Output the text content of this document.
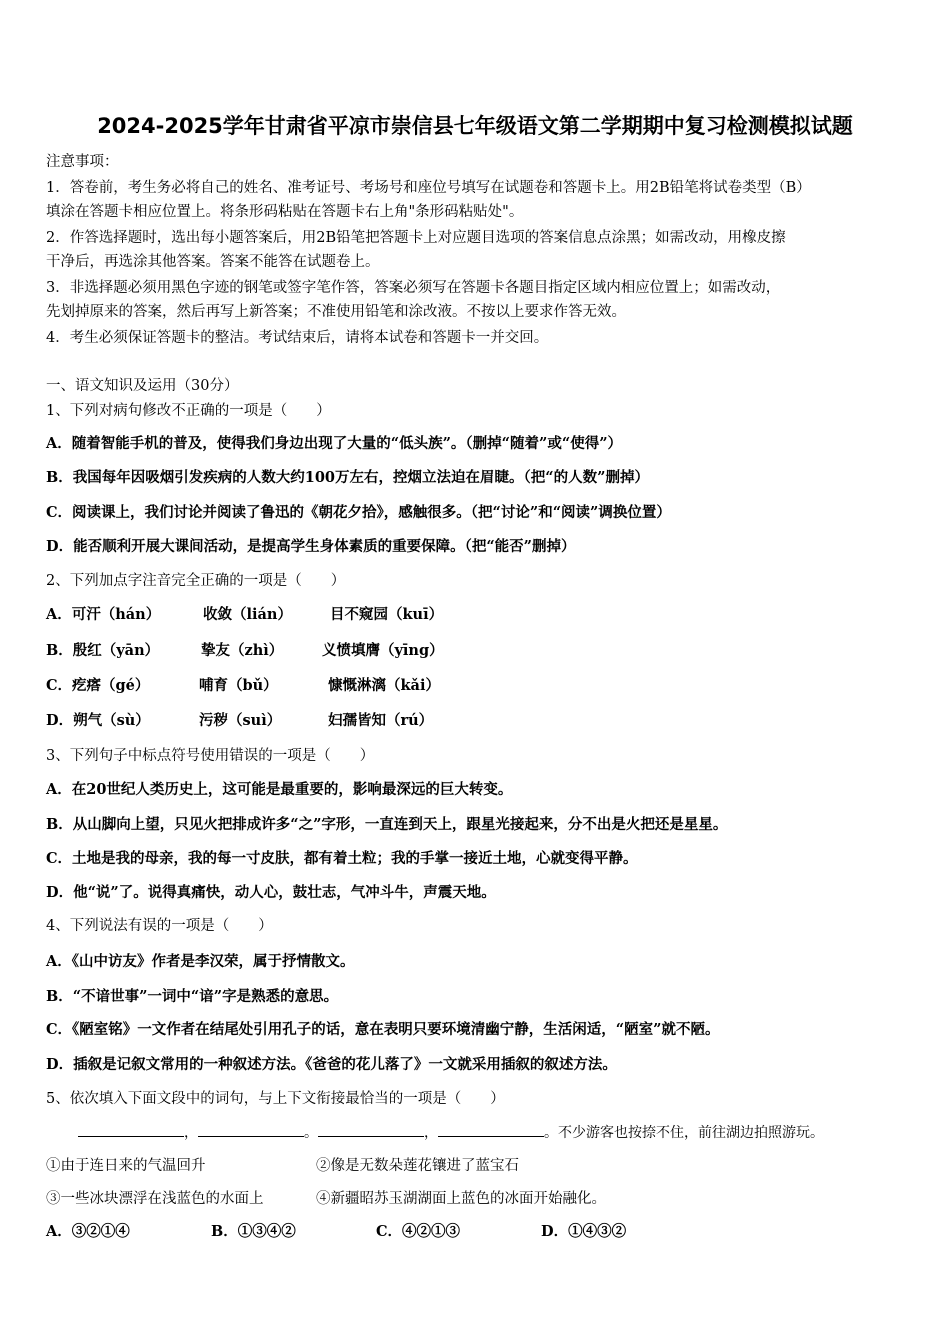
2024-2025学年甘肃省平凉市崇信县七年级语文第二学期期中复习检测模拟试题
注意事项：
1．答卷前，考生务必将自己的姓名、准考证号、考场号和座位号填写在试题卷和答题卡上。用2B铅笔将试卷类型（B）
填涂在答题卡相应位置上。将条形码粘贴在答题卡右上角"条形码粘贴处"。
2．作答选择题时，选出每小题答案后，用2B铅笔把答题卡上对应题目选项的答案信息点涂黑；如需改动，用橡皮擦
干净后，再选涂其他答案。答案不能答在试题卷上。
3．非选择题必须用黑色字迹的钢笔或签字笔作答，答案必须写在答题卡各题目指定区域内相应位置上；如需改动，
先划掉原来的答案，然后再写上新答案；不准使用铅笔和涂改液。不按以上要求作答无效。
4．考生必须保证答题卡的整洁。考试结束后，请将本试卷和答题卡一并交回。
一、语文知识及运用（30分）
1、下列对病句修改不正确的一项是（　　）
A．随着智能手机的普及，使得我们身边出现了大量的“低头族”。（删掉“随着”或“使得”）
B．我国每年因吸烟引发疾病的人数大约100万左右，控烟立法迫在眉睫。（把“的人数”删掉）
C．阅读课上，我们讨论并阅读了鲁迅的《朝花夕拾》，感触很多。（把“讨论”和“阅读”调换位置）
D．能否顺利开展大课间活动，是提高学生身体素质的重要保障。（把“能否”删掉）
2、下列加点字注音完全正确的一项是（　　）
A．可汗（hán）	收敛（lián）	目不窥园（kuī）
B．殷红（yān）	挚友（zhì）	义愤填膺（yīng）
C．疙瘩（gé）	哺育（bǔ）	慷慨淋漓（kǎi）
D．朔气（sù）	污秽（suì）	妇孺皆知（rú）
3、下列句子中标点符号使用错误的一项是（　　）
A．在20世纪人类历史上，这可能是最重要的，影响最深远的巨大转变。
B．从山脚向上望，只见火把排成许多“之”字形，一直连到天上，跟星光接起来，分不出是火把还是星星。
C．土地是我的母亲，我的每一寸皮肤，都有着土粒；我的手掌一接近土地，心就变得平静。
D．他“说”了。说得真痛快，动人心，鼓壮志，气冲斗牛，声震天地。
4、下列说法有误的一项是（　　）
A．《山中访友》作者是李汉荣，属于抒情散文。
B．“不谙世事”一词中“谙”字是熟悉的意思。
C．《陋室铭》一文作者在结尾处引用孔子的话，意在表明只要环境清幽宁静，生活闲适，“陋室”就不陋。
D．插叙是记叙文常用的一种叙述方法。《爸爸的花儿落了》一文就采用插叙的叙述方法。
5、依次填入下面文段中的词句，与上下文衔接最恰当的一项是（　　）
，	。	，	。不少游客也按捺不住，前往湖边拍照游玩。
①由于连日来的气温回升	②像是无数朵莲花镶进了蓝宝石
③一些冰块漂浮在浅蓝色的水面上	④新疆昭苏玉湖湖面上蓝色的冰面开始融化。
A．③②①④	B．①③④②	C．④②①③	D．①④③②
